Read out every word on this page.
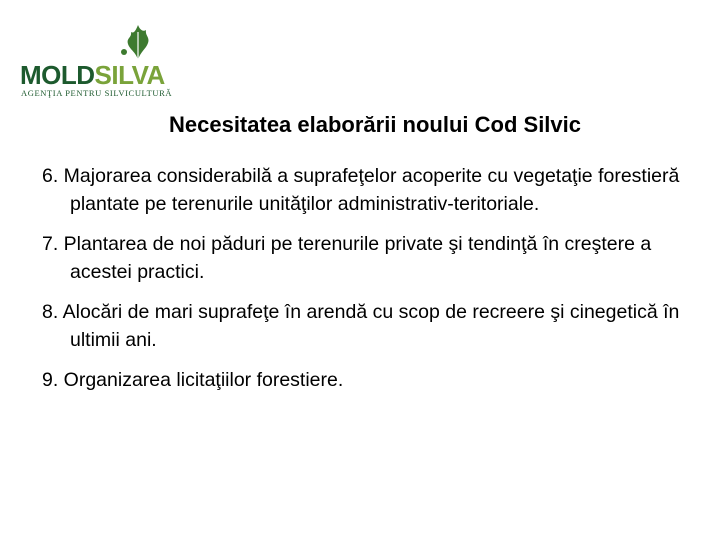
MOLDSILVA
AGENŢIA PENTRU SILVICULTURĂ
Necesitatea elaborării noului Cod Silvic
6. Majorarea considerabilă a suprafeţelor acoperite cu vegetaţie forestieră plantate pe terenurile unităţilor administrativ-teritoriale.
7. Plantarea de noi păduri pe terenurile private şi tendinţă în creştere a acestei practici.
8. Alocări de mari suprafeţe în arendă cu scop de recreere şi cinegetică în ultimii ani.
9. Organizarea licitaţiilor forestiere.
